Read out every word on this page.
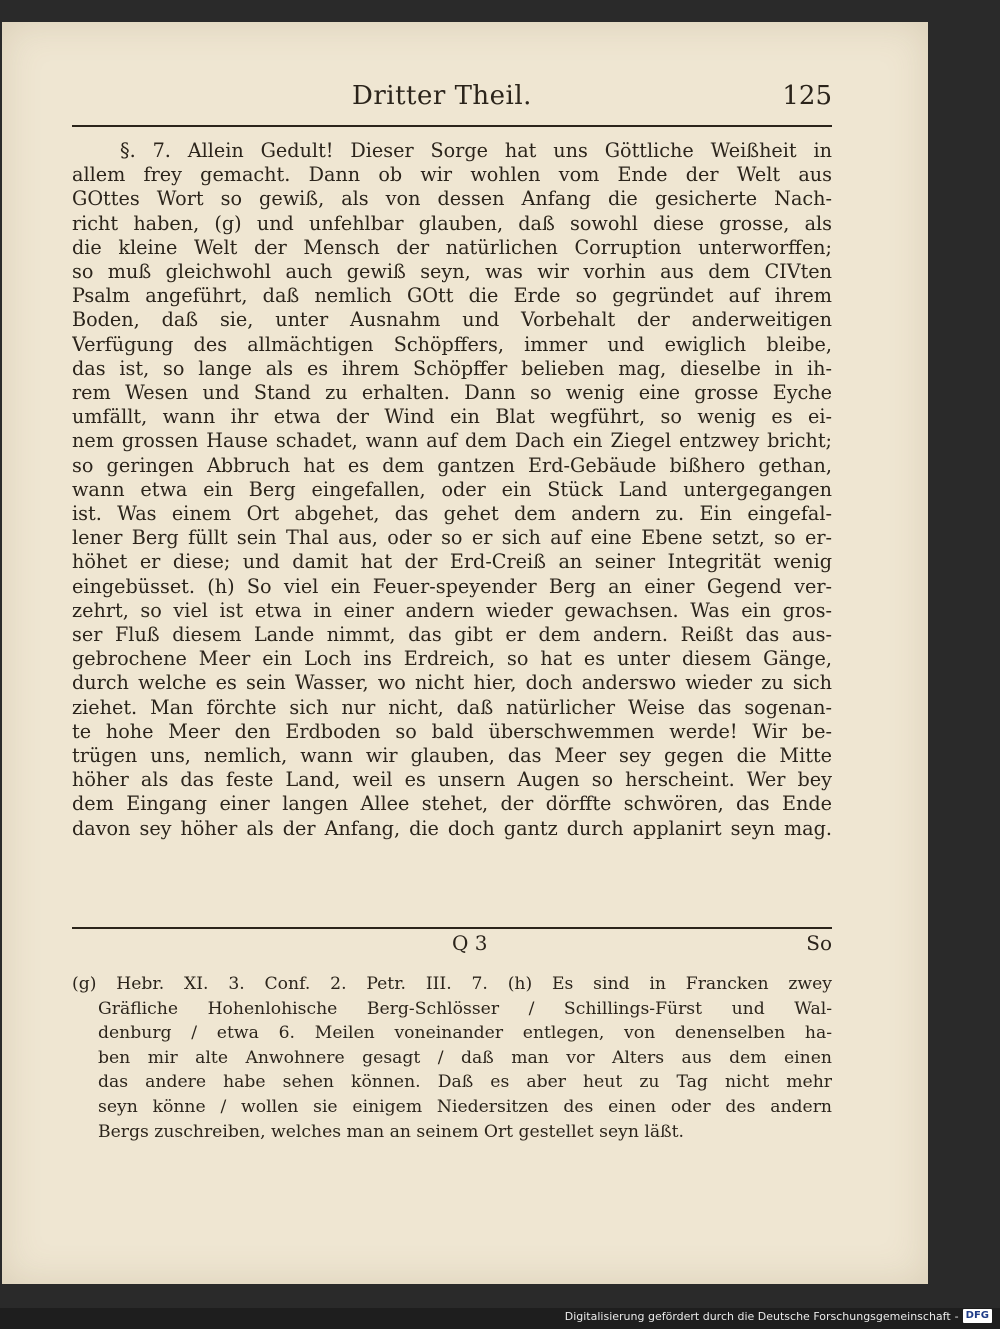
Dritter Theil.	125
§. 7. Allein Gedult! Dieser Sorge hat uns Göttliche Weißheit in
allem frey gemacht. Dann ob wir wohlen vom Ende der Welt aus
GOttes Wort so gewiß, als von dessen Anfang die gesicherte Nach-
richt haben, (g) und unfehlbar glauben, daß sowohl diese grosse, als
die kleine Welt der Mensch der natürlichen Corruption unterworffen;
so muß gleichwohl auch gewiß seyn, was wir vorhin aus dem CIVten
Psalm angeführt, daß nemlich GOtt die Erde so gegründet auf ihrem
Boden, daß sie, unter Ausnahm und Vorbehalt der anderweitigen
Verfügung des allmächtigen Schöpffers, immer und ewiglich bleibe,
das ist, so lange als es ihrem Schöpffer belieben mag, dieselbe in ih-
rem Wesen und Stand zu erhalten. Dann so wenig eine grosse Eyche
umfällt, wann ihr etwa der Wind ein Blat wegführt, so wenig es ei-
nem grossen Hause schadet, wann auf dem Dach ein Ziegel entzwey bricht;
so geringen Abbruch hat es dem gantzen Erd-Gebäude bißhero gethan,
wann etwa ein Berg eingefallen, oder ein Stück Land untergegangen
ist. Was einem Ort abgehet, das gehet dem andern zu. Ein eingefal-
lener Berg füllt sein Thal aus, oder so er sich auf eine Ebene setzt, so er-
höhet er diese; und damit hat der Erd-Creiß an seiner Integrität wenig
eingebüsset. (h) So viel ein Feuer-speyender Berg an einer Gegend ver-
zehrt, so viel ist etwa in einer andern wieder gewachsen. Was ein gros-
ser Fluß diesem Lande nimmt, das gibt er dem andern. Reißt das aus-
gebrochene Meer ein Loch ins Erdreich, so hat es unter diesem Gänge,
durch welche es sein Wasser, wo nicht hier, doch anderswo wieder zu sich
ziehet. Man förchte sich nur nicht, daß natürlicher Weise das sogenan-
te hohe Meer den Erdboden so bald überschwemmen werde! Wir be-
trügen uns, nemlich, wann wir glauben, das Meer sey gegen die Mitte
höher als das feste Land, weil es unsern Augen so herscheint. Wer bey
dem Eingang einer langen Allee stehet, der dörffte schwören, das Ende
davon sey höher als der Anfang, die doch gantz durch applanirt seyn mag.
Q 3	So
(g) Hebr. XI. 3. Conf. 2. Petr. III. 7. (h) Es sind in Francken zwey
Gräfliche Hohenlohische Berg-Schlösser / Schillings-Fürst und Wal-
denburg / etwa 6. Meilen voneinander entlegen, von denenselben ha-
ben mir alte Anwohnere gesagt / daß man vor Alters aus dem einen
das andere habe sehen können. Daß es aber heut zu Tag nicht mehr
seyn könne / wollen sie einigem Niedersitzen des einen oder des andern
Bergs zuschreiben, welches man an seinem Ort gestellet seyn läßt.
Digitalisierung gefördert durch die Deutsche Forschungsgemeinschaft - DFG
